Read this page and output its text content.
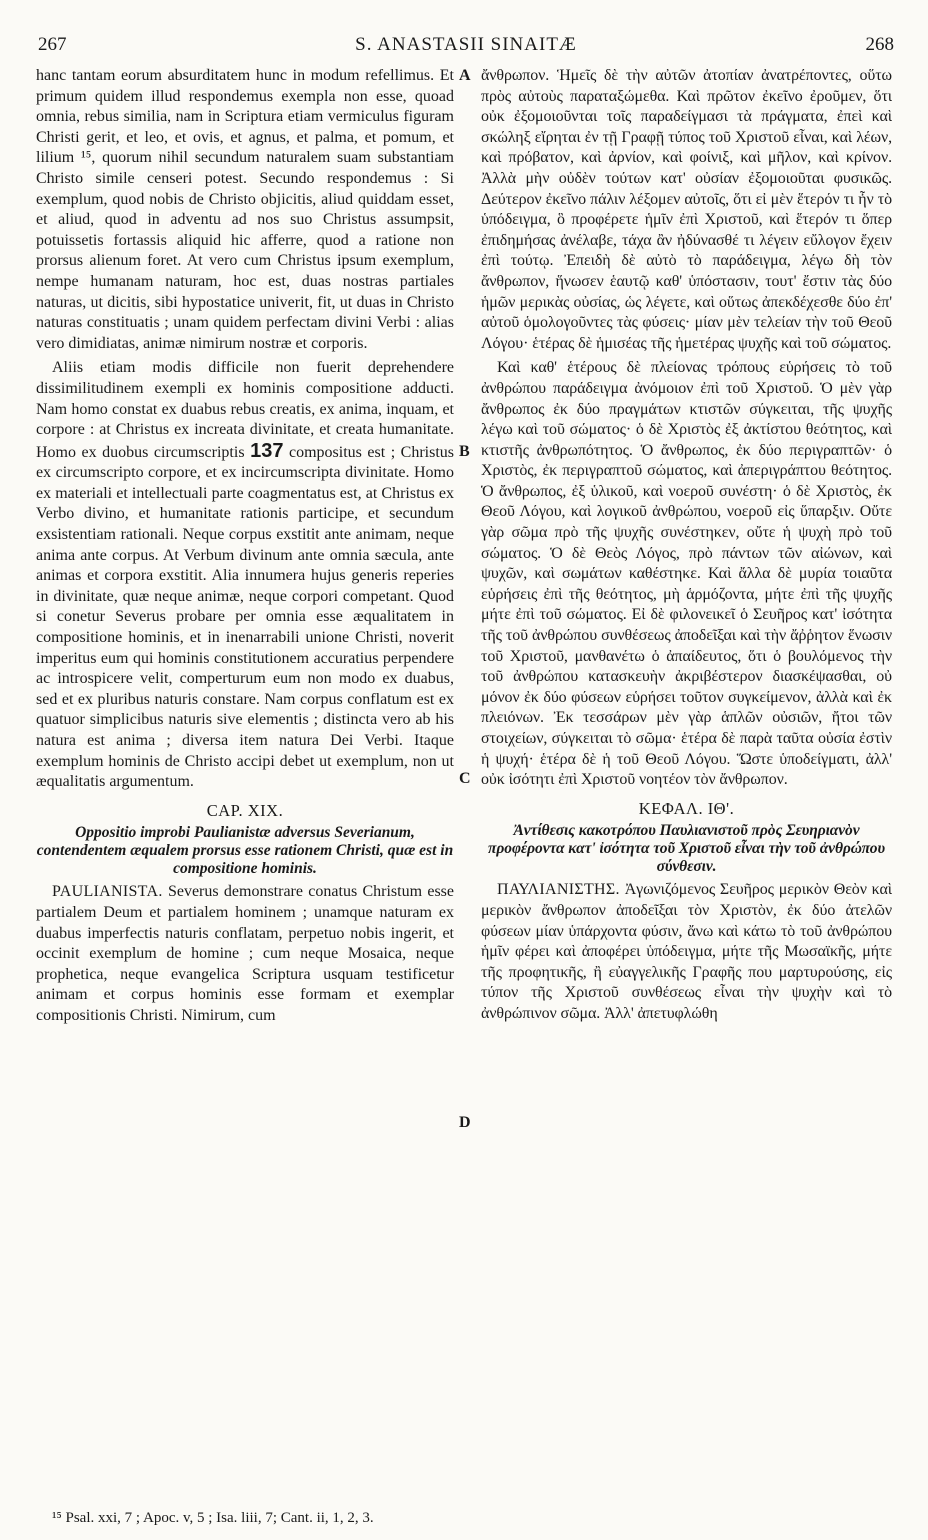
267	S. ANASTASII SINAITÆ	268
A
B
C
D

hanc tantam eorum absurditatem hunc in modum refellimus. Et primum quidem illud respondemus exempla non esse, quoad omnia, rebus similia, nam in Scriptura etiam vermiculus figuram Christi gerit, et leo, et ovis, et agnus, et palma, et pomum, et lilium ¹⁵, quorum nihil secundum naturalem suam substantiam Christo simile censeri potest. Secundo respondemus : Si exemplum, quod nobis de Christo objicitis, aliud quiddam esset, et aliud, quod in adventu ad nos suo Christus assumpsit, potuissetis fortassis aliquid hic afferre, quod a ratione non prorsus alienum foret. At vero cum Christus ipsum exemplum, nempe humanam naturam, hoc est, duas nostras partiales naturas, ut dicitis, sibi hypostatice univerit, fit, ut duas in Christo naturas constituatis ; unam quidem perfectam divini Verbi : alias vero dimidiatas, animæ nimirum nostræ et corporis.

Aliis etiam modis difficile non fuerit deprehendere dissimilitudinem exempli ex hominis compositione adducti. Nam homo constat ex duabus rebus creatis, ex anima, inquam, et corpore : at Christus ex increata divinitate, et creata humanitate. Homo ex duobus circumscriptis 137 compositus est ; Christus ex circumscripto corpore, et ex incircumscripta divinitate. Homo ex materiali et intellectuali parte coagmentatus est, at Christus ex Verbo divino, et humanitate rationis participe, et secundum exsistentiam rationali. Neque corpus exstitit ante animam, neque anima ante corpus. At Verbum divinum ante omnia sæcula, ante animas et corpora exstitit. Alia innumera hujus generis reperies in divinitate, quæ neque animæ, neque corpori competant. Quod si conetur Severus probare per omnia esse æqualitatem in compositione hominis, et in inenarrabili unione Christi, noverit imperitus eum qui hominis constitutionem accuratius perpendere ac introspicere velit, comperturum eum non modo ex duabus, sed et ex pluribus naturis constare. Nam corpus conflatum est ex quatuor simplicibus naturis sive elementis ; distincta vero ab his natura est anima ; diversa item natura Dei Verbi. Itaque exemplum hominis de Christo accipi debet ut exemplum, non ut æqualitatis argumentum.

CAP. XIX.

Oppositio improbi Paulianistæ adversus Severianum, contendentem æqualem prorsus esse rationem Christi, quæ est in compositione hominis.

PAULIANISTA. Severus demonstrare conatus Christum esse partialem Deum et partialem hominem ; unamque naturam ex duabus imperfectis naturis conflatam, perpetuo nobis ingerit, et occinit exemplum de homine ; cum neque Mosaica, neque prophetica, neque evangelica Scriptura usquam testificetur animam et corpus hominis esse formam et exemplar compositionis Christi. Nimirum, cum

ἄνθρωπον. Ἡμεῖς δὲ τὴν αὐτῶν ἀτοπίαν ἀνατρέποντες, οὕτω πρὸς αὐτοὺς παραταξώμεθα. Καὶ πρῶτον ἐκεῖνο ἐροῦμεν, ὅτι οὐκ ἐξομοιοῦνται τοῖς παραδείγμασι τὰ πράγματα, ἐπεὶ καὶ σκώληξ εἴρηται ἐν τῇ Γραφῇ τύπος τοῦ Χριστοῦ εἶναι, καὶ λέων, καὶ πρόβατον, καὶ ἀρνίον, καὶ φοίνιξ, καὶ μῆλον, καὶ κρίνον. Ἀλλὰ μὴν οὐδὲν τούτων κατ' οὐσίαν ἐξομοιοῦται φυσικῶς. Δεύτερον ἐκεῖνο πάλιν λέξομεν αὐτοῖς, ὅτι εἰ μὲν ἕτερόν τι ἦν τὸ ὑπόδειγμα, ὃ προφέρετε ἡμῖν ἐπὶ Χριστοῦ, καὶ ἕτερόν τι ὅπερ ἐπιδημήσας ἀνέλαβε, τάχα ἂν ἠδύνασθέ τι λέγειν εὔλογον ἔχειν ἐπὶ τούτῳ. Ἐπειδὴ δὲ αὐτὸ τὸ παράδειγμα, λέγω δὴ τὸν ἄνθρωπον, ἥνωσεν ἑαυτῷ καθ' ὑπόστασιν, τουτ' ἔστιν τὰς δύο ἡμῶν μερικὰς οὐσίας, ὡς λέγετε, καὶ οὕτως ἀπεκδέχεσθε δύο ἐπ' αὐτοῦ ὁμολογοῦντες τὰς φύσεις· μίαν μὲν τελείαν τὴν τοῦ Θεοῦ Λόγου· ἑτέρας δὲ ἡμισέας τῆς ἡμετέρας ψυχῆς καὶ τοῦ σώματος.

Καὶ καθ' ἑτέρους δὲ πλείονας τρόπους εὑρήσεις τὸ τοῦ ἀνθρώπου παράδειγμα ἀνόμοιον ἐπὶ τοῦ Χριστοῦ. Ὁ μὲν γὰρ ἄνθρωπος ἐκ δύο πραγμάτων κτιστῶν σύγκειται, τῆς ψυχῆς λέγω καὶ τοῦ σώματος· ὁ δὲ Χριστὸς ἐξ ἀκτίστου θεότητος, καὶ κτιστῆς ἀνθρωπότητος. Ὁ ἄνθρωπος, ἐκ δύο περιγραπτῶν· ὁ Χριστὸς, ἐκ περιγραπτοῦ σώματος, καὶ ἀπεριγράπτου θεότητος. Ὁ ἄνθρωπος, ἐξ ὑλικοῦ, καὶ νοεροῦ συνέστη· ὁ δὲ Χριστὸς, ἐκ Θεοῦ Λόγου, καὶ λογικοῦ ἀνθρώπου, νοεροῦ εἰς ὕπαρξιν. Οὔτε γὰρ σῶμα πρὸ τῆς ψυχῆς συνέστηκεν, οὔτε ἡ ψυχὴ πρὸ τοῦ σώματος. Ὁ δὲ Θεὸς Λόγος, πρὸ πάντων τῶν αἰώνων, καὶ ψυχῶν, καὶ σωμάτων καθέστηκε. Καὶ ἄλλα δὲ μυρία τοιαῦτα εὑρήσεις ἐπὶ τῆς θεότητος, μὴ ἁρμόζοντα, μήτε ἐπὶ τῆς ψυχῆς μήτε ἐπὶ τοῦ σώματος. Εἰ δὲ φιλονεικεῖ ὁ Σευῆρος κατ' ἰσότητα τῆς τοῦ ἀνθρώπου συνθέσεως ἀποδεῖξαι καὶ τὴν ἄῤῥητον ἕνωσιν τοῦ Χριστοῦ, μανθανέτω ὁ ἀπαίδευτος, ὅτι ὁ βουλόμενος τὴν τοῦ ἀνθρώπου κατασκευὴν ἀκριβέστερον διασκέψασθαι, οὐ μόνον ἐκ δύο φύσεων εὑρήσει τοῦτον συγκείμενον, ἀλλὰ καὶ ἐκ πλειόνων. Ἐκ τεσσάρων μὲν γὰρ ἁπλῶν οὐσιῶν, ἤτοι τῶν στοιχείων, σύγκειται τὸ σῶμα· ἑτέρα δὲ παρὰ ταῦτα οὐσία ἐστὶν ἡ ψυχή· ἑτέρα δὲ ἡ τοῦ Θεοῦ Λόγου. Ὥστε ὑποδείγματι, ἀλλ' οὐκ ἰσότητι ἐπὶ Χριστοῦ νοητέον τὸν ἄνθρωπον.

ΚΕΦΑΛ. ΙΘ'.

Ἀντίθεσις κακοτρόπου Παυλιανιστοῦ πρὸς Σευηριανὸν προφέροντα κατ' ἰσότητα τοῦ Χριστοῦ εἶναι τὴν τοῦ ἀνθρώπου σύνθεσιν.

ΠΑΥΛΙΑΝΙΣΤΗΣ. Ἀγωνιζόμενος Σευῆρος μερικὸν Θεὸν καὶ μερικὸν ἄνθρωπον ἀποδεῖξαι τὸν Χριστὸν, ἐκ δύο ἀτελῶν φύσεων μίαν ὑπάρχοντα φύσιν, ἄνω καὶ κάτω τὸ τοῦ ἀνθρώπου ἡμῖν φέρει καὶ ἀποφέρει ὑπόδειγμα, μήτε τῆς Μωσαϊκῆς, μήτε τῆς προφητικῆς, ἢ εὐαγγελικῆς Γραφῆς που μαρτυρούσης, εἰς τύπον τῆς Χριστοῦ συνθέσεως εἶναι τὴν ψυχὴν καὶ τὸ ἀνθρώπινον σῶμα. Ἀλλ' ἀπετυφλώθη

¹⁵ Psal. xxi, 7 ; Apoc. v, 5 ; Isa. liii, 7; Cant. ii, 1, 2, 3.
